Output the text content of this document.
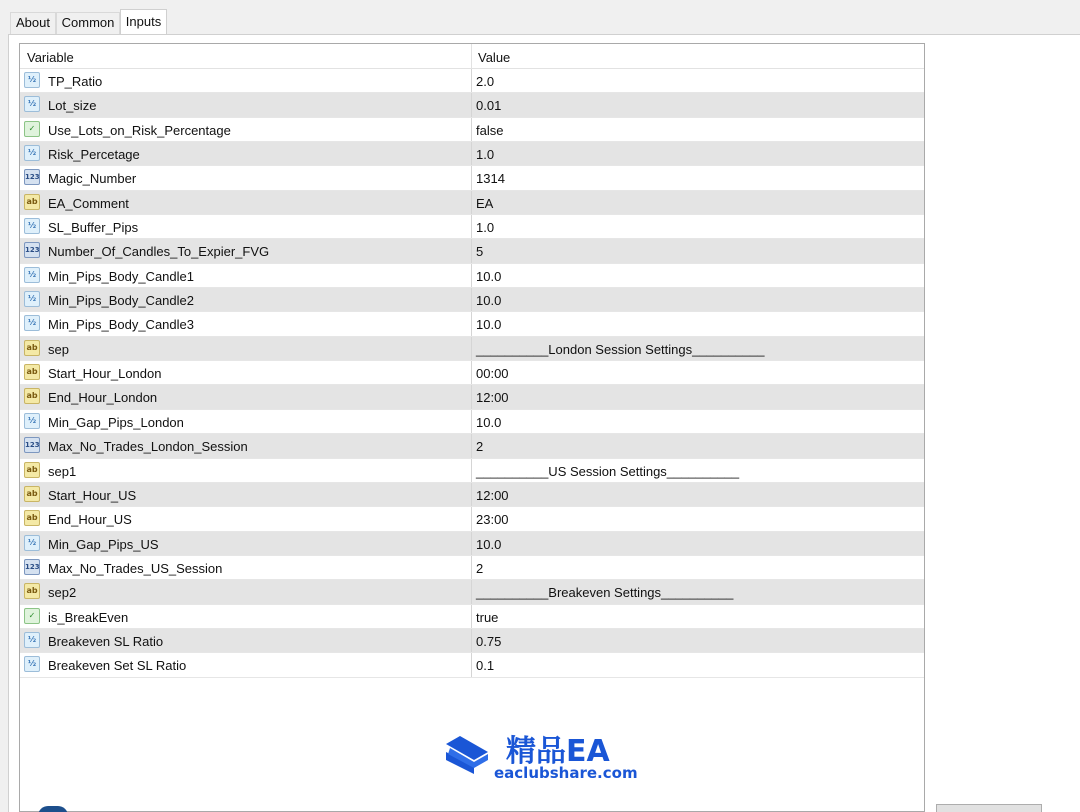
About Common Inputs
Variable	Value
½ TP_Ratio	2.0
½ Lot_size	0.01
✓ Use_Lots_on_Risk_Percentage	false
½ Risk_Percetage	1.0
123 Magic_Number	1314
ab EA_Comment	EA
½ SL_Buffer_Pips	1.0
123 Number_Of_Candles_To_Expier_FVG	5
½ Min_Pips_Body_Candle1	10.0
½ Min_Pips_Body_Candle2	10.0
½ Min_Pips_Body_Candle3	10.0
ab sep	__________London Session Settings__________
ab Start_Hour_London	00:00
ab End_Hour_London	12:00
½ Min_Gap_Pips_London	10.0
123 Max_No_Trades_London_Session	2
ab sep1	__________US Session Settings__________
ab Start_Hour_US	12:00
ab End_Hour_US	23:00
½ Min_Gap_Pips_US	10.0
123 Max_No_Trades_US_Session	2
ab sep2	__________Breakeven Settings__________
✓ is_BreakEven	true
½ Breakeven SL Ratio	0.75
½ Breakeven Set SL Ratio	0.1
精品EA
eaclubshare.com
